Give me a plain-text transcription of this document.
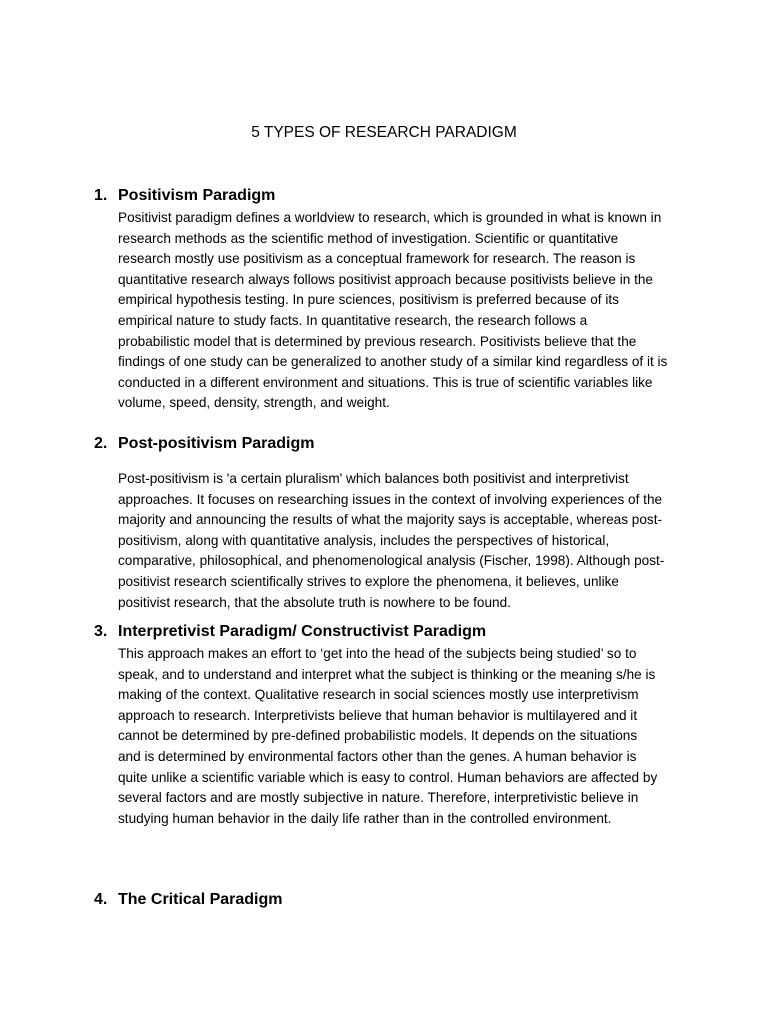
5 TYPES OF RESEARCH PARADIGM
1. Positivism Paradigm

Positivist paradigm defines a worldview to research, which is grounded in what is known in
research methods as the scientific method of investigation. Scientific or quantitative
research mostly use positivism as a conceptual framework for research. The reason is
quantitative research always follows positivist approach because positivists believe in the
empirical hypothesis testing. In pure sciences, positivism is preferred because of its
empirical nature to study facts. In quantitative research, the research follows a
probabilistic model that is determined by previous research. Positivists believe that the
findings of one study can be generalized to another study of a similar kind regardless of it is
conducted in a different environment and situations. This is true of scientific variables like
volume, speed, density, strength, and weight.

2. Post-positivism Paradigm

Post-positivism is 'a certain pluralism' which balances both positivist and interpretivist
approaches. It focuses on researching issues in the context of involving experiences of the
majority and announcing the results of what the majority says is acceptable, whereas post-
positivism, along with quantitative analysis, includes the perspectives of historical,
comparative, philosophical, and phenomenological analysis (Fischer, 1998). Although post-
positivist research scientifically strives to explore the phenomena, it believes, unlike
positivist research, that the absolute truth is nowhere to be found.

3. Interpretivist Paradigm/ Constructivist Paradigm

This approach makes an effort to ‘get into the head of the subjects being studied’ so to
speak, and to understand and interpret what the subject is thinking or the meaning s/he is
making of the context. Qualitative research in social sciences mostly use interpretivism
approach to research. Interpretivists believe that human behavior is multilayered and it
cannot be determined by pre-defined probabilistic models. It depends on the situations
and is determined by environmental factors other than the genes. A human behavior is
quite unlike a scientific variable which is easy to control. Human behaviors are affected by
several factors and are mostly subjective in nature. Therefore, interpretivistic believe in
studying human behavior in the daily life rather than in the controlled environment.

4. The Critical Paradigm
